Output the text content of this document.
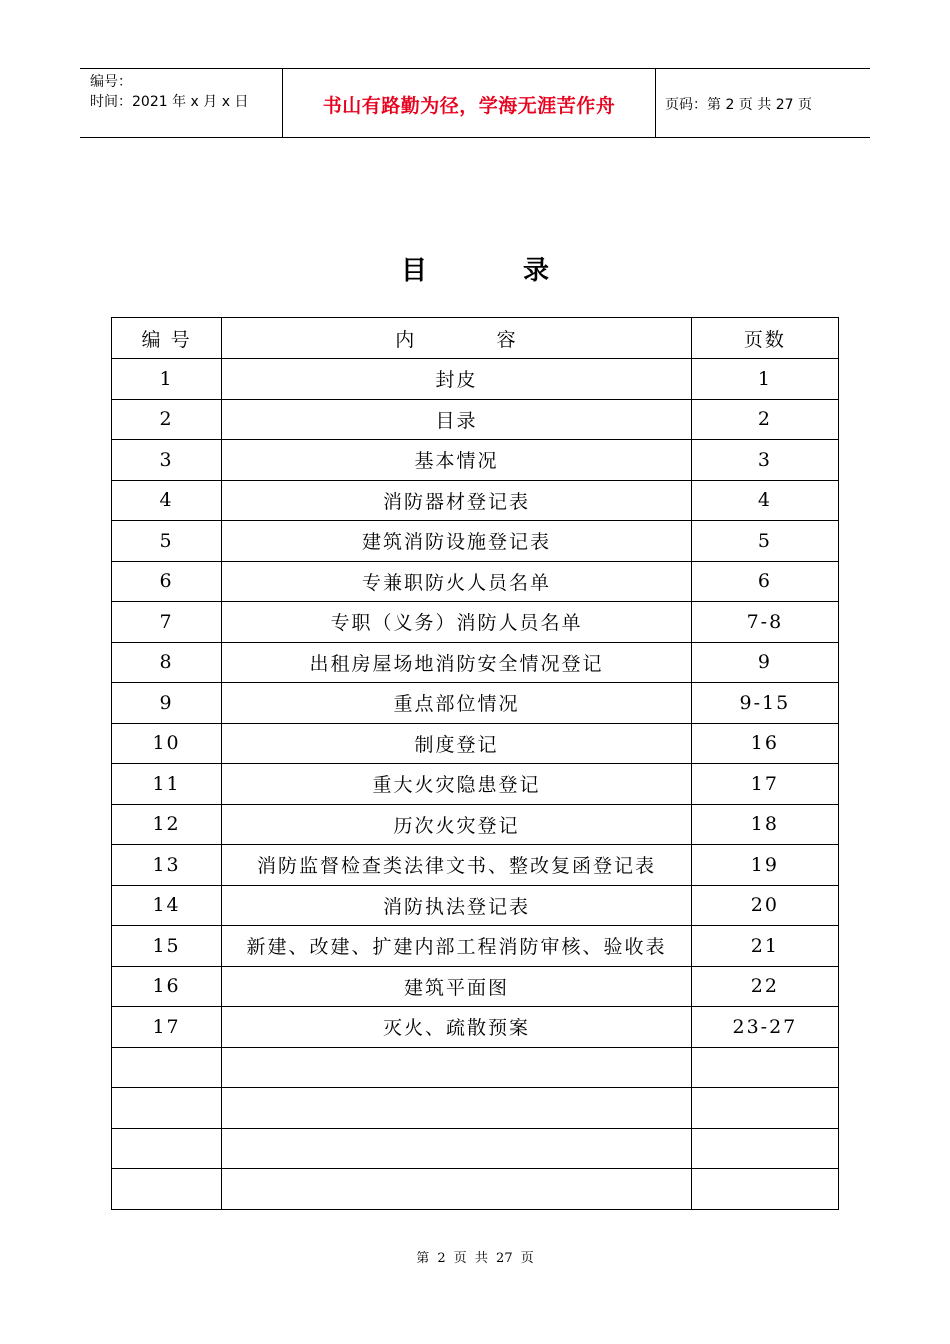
编号：
时间：2021 年 x 月 x 日	书山有路勤为径，学海无涯苦作舟	页码：第 2 页 共 27 页
目录
编 号	内          容	页数
1	封皮	1
2	目录	2
3	基本情况	3
4	消防器材登记表	4
5	建筑消防设施登记表	5
6	专兼职防火人员名单	6
7	专职（义务）消防人员名单	7-8
8	出租房屋场地消防安全情况登记	9
9	重点部位情况	9-15
10	制度登记	16
11	重大火灾隐患登记	17
12	历次火灾登记	18
13	消防监督检查类法律文书、整改复函登记表	19
14	消防执法登记表	20
15	新建、改建、扩建内部工程消防审核、验收表	21
16	建筑平面图	22
17	灭火、疏散预案	23-27

第 2 页 共 27 页
